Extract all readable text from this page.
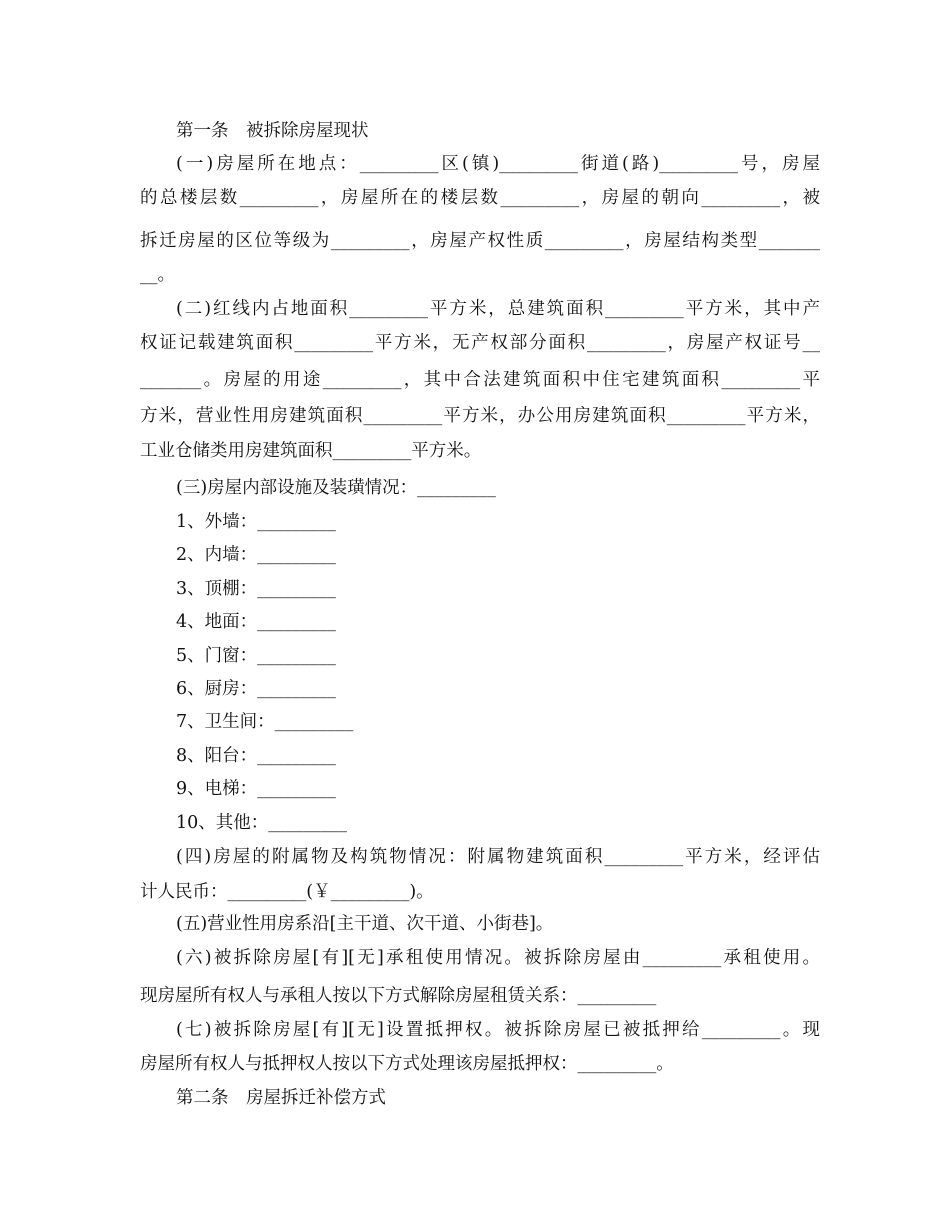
第一条　被拆除房屋现状
(一)房屋所在地点：_________区(镇)_________街道(路)_________号，房屋
的总楼层数_________，房屋所在的楼层数_________，房屋的朝向_________，被
拆迁房屋的区位等级为_________，房屋产权性质_________，房屋结构类型_______
__。
(二)红线内占地面积_________平方米，总建筑面积_________平方米，其中产
权证记载建筑面积_________平方米，无产权部分面积_________，房屋产权证号__
_______。房屋的用途_________，其中合法建筑面积中住宅建筑面积_________平
方米，营业性用房建筑面积_________平方米，办公用房建筑面积_________平方米，
工业仓储类用房建筑面积_________平方米。
(三)房屋内部设施及装璜情况：_________
1、外墙：_________
2、内墙：_________
3、顶棚：_________
4、地面：_________
5、门窗：_________
6、厨房：_________
7、卫生间：_________
8、阳台：_________
9、电梯：_________
10、其他：_________
(四)房屋的附属物及构筑物情况：附属物建筑面积_________平方米，经评估
计人民币：_________(￥_________)。
(五)营业性用房系沿[主干道、次干道、小街巷]。
(六)被拆除房屋[有][无]承租使用情况。被拆除房屋由_________承租使用。
现房屋所有权人与承租人按以下方式解除房屋租赁关系：_________
(七)被拆除房屋[有][无]设置抵押权。被拆除房屋已被抵押给_________。现
房屋所有权人与抵押权人按以下方式处理该房屋抵押权：_________。
第二条　房屋拆迁补偿方式
